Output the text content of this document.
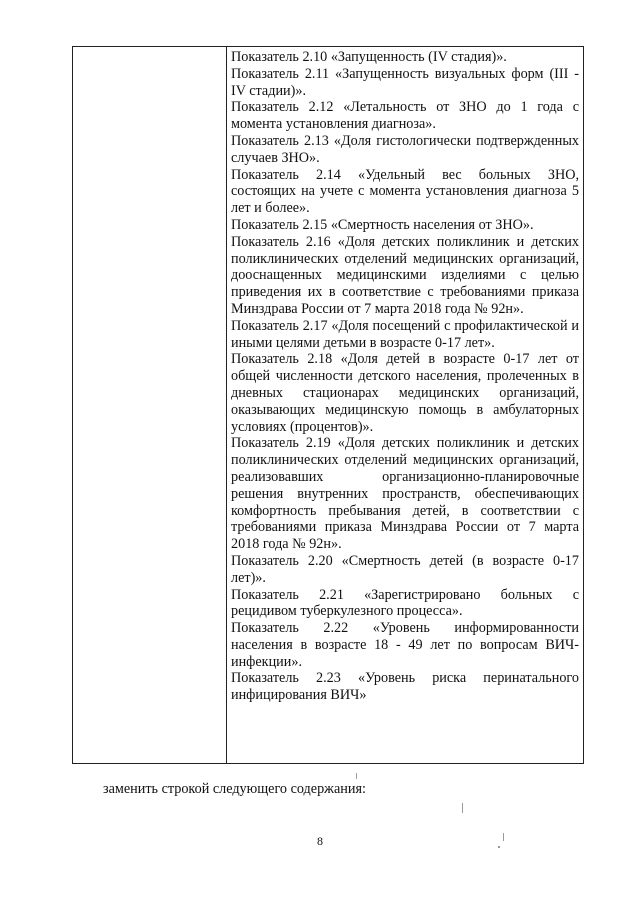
Показатель 2.10 «Запущенность (IV стадия)».

Показатель 2.11 «Запущенность визуальных форм (III - IV стадии)».

Показатель 2.12 «Летальность от ЗНО до 1 года с момента установления диагноза».

Показатель 2.13 «Доля гистологически подтвержденных случаев ЗНО».

Показатель 2.14 «Удельный вес больных ЗНО, состоящих на учете с момента установления диагноза 5 лет и более».

Показатель 2.15 «Смертность населения от ЗНО».

Показатель 2.16 «Доля детских поликлиник и детских поликлинических отделений медицинских организаций, дооснащенных медицинскими изделиями с целью приведения их в соответствие с требованиями приказа Минздрава России от 7 марта 2018 года № 92н».

Показатель 2.17 «Доля посещений с профилактической и иными целями детьми в возрасте 0-17 лет».

Показатель 2.18 «Доля детей в возрасте 0-17 лет от общей численности детского населения, пролеченных в дневных стационарах медицинских организаций, оказывающих медицинскую помощь в амбулаторных условиях (процентов)».

Показатель 2.19 «Доля детских поликлиник и детских поликлинических отделений медицинских организаций, реализовавших организационно-планировочные решения внутренних пространств, обеспечивающих комфортность пребывания детей, в соответствии с требованиями приказа Минздрава России от 7 марта 2018 года № 92н».

Показатель 2.20 «Смертность детей (в возрасте 0-17 лет)».

Показатель 2.21 «Зарегистрировано больных с рецидивом туберкулезного процесса».

Показатель 2.22 «Уровень информированности населения в возрасте 18 - 49 лет по вопросам ВИЧ-инфекции».

Показатель 2.23 «Уровень риска перинатального инфицирования ВИЧ»

заменить строкой следующего содержания:

8
